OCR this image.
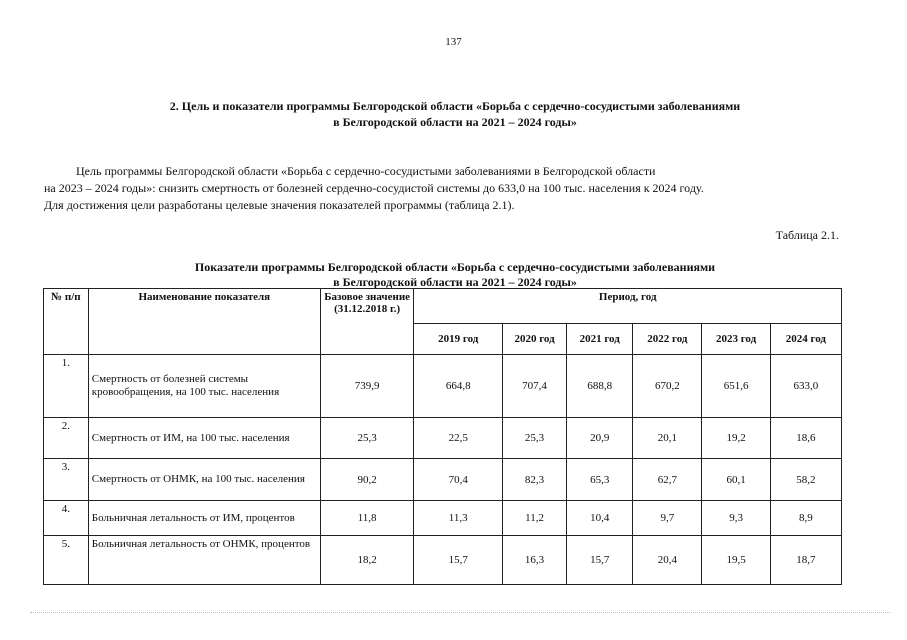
137
2. Цель и показатели программы Белгородской области «Борьба с сердечно-сосудистыми заболеваниями
в Белгородской области на 2021 – 2024 годы»
Цель программы Белгородской области «Борьба с сердечно-сосудистыми заболеваниями в Белгородской области
на 2023 – 2024 годы»: снизить смертность от болезней сердечно-сосудистой системы до 633,0 на 100 тыс. населения к 2024 году.
Для достижения цели разработаны целевые значения показателей программы (таблица 2.1).
Таблица 2.1.
Показатели программы Белгородской области «Борьба с сердечно-сосудистыми заболеваниями
в Белгородской области на 2021 – 2024 годы»
№ п/п	Наименование показателя	Базовое значение (31.12.2018 г.)	Период, год					
			2019 год	2020 год	2021 год	2022 год	2023 год	2024 год
1.	Смертность от болезней системы кровообращения, на 100 тыс. населения	739,9	664,8	707,4	688,8	670,2	651,6	633,0
2.	Смертность от ИМ, на 100 тыс. населения	25,3	22,5	25,3	20,9	20,1	19,2	18,6
3.	Смертность от ОНМК, на 100 тыс. населения	90,2	70,4	82,3	65,3	62,7	60,1	58,2
4.	Больничная летальность от ИМ, процентов	11,8	11,3	11,2	10,4	9,7	9,3	8,9
5.	Больничная летальность от ОНМК, процентов	18,2	15,7	16,3	15,7	20,4	19,5	18,7
